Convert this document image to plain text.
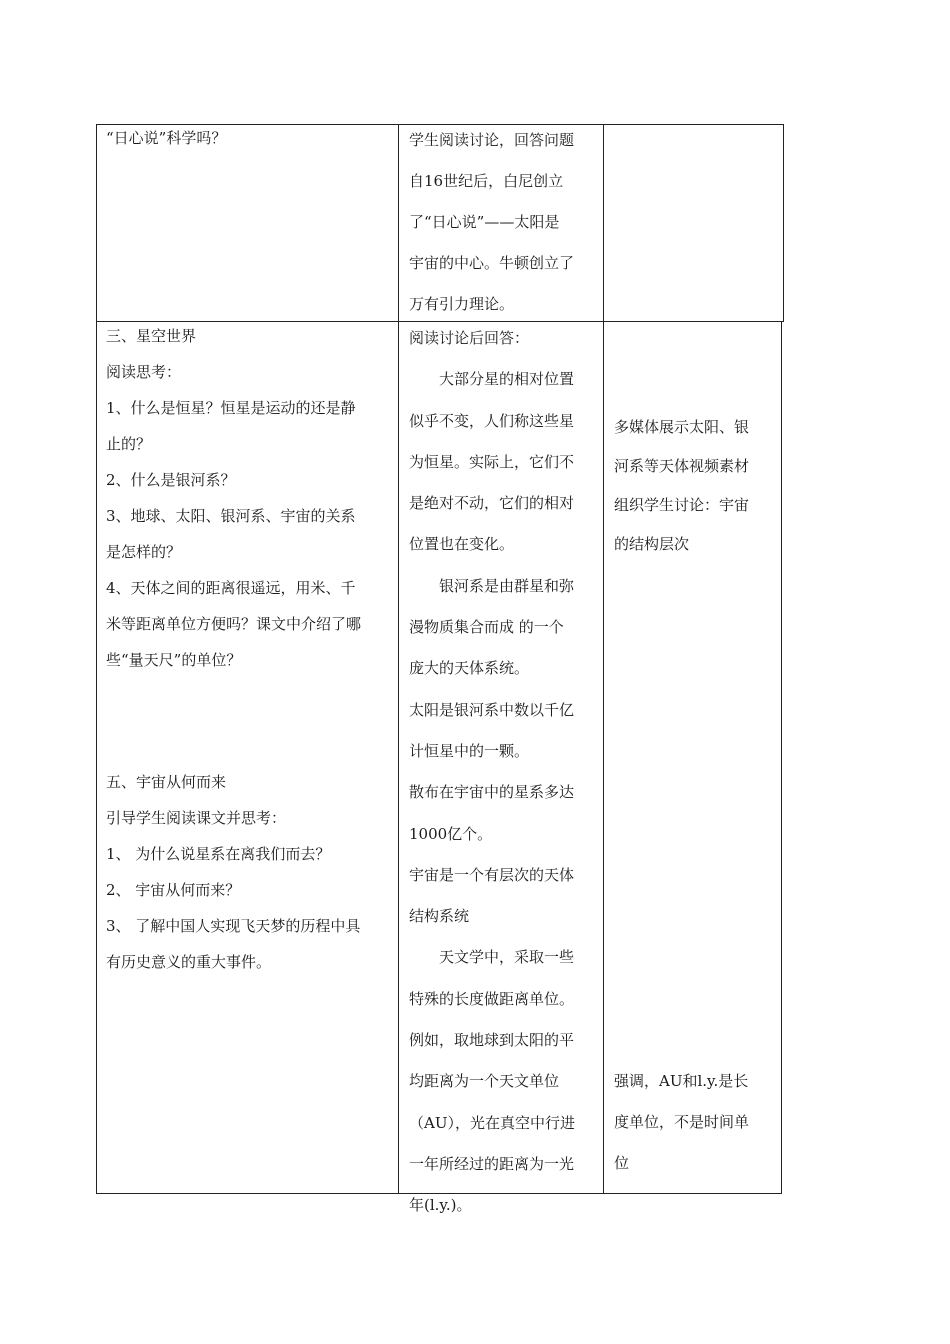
“日心说”科学吗？	学生阅读讨论，回答问题

自16世纪后，白尼创立

了“日心说”——太阳是

宇宙的中心。牛顿创立了

万有引力理论。

三、星空世界

阅读思考：

1、什么是恒星？恒星是运动的还是静

止的？

2、什么是银河系？

3、地球、太阳、银河系、宇宙的关系

是怎样的？

4、天体之间的距离很遥远，用米、千

米等距离单位方便吗？课文中介绍了哪

些“量天尺”的单位？

五、宇宙从何而来

引导学生阅读课文并思考：

1、 为什么说星系在离我们而去？

2、 宇宙从何而来？

3、 了解中国人实现飞天梦的历程中具

有历史意义的重大事件。

阅读讨论后回答：

大部分星的相对位置

似乎不变，人们称这些星

为恒星。实际上，它们不

是绝对不动，它们的相对

位置也在变化。

银河系是由群星和弥

漫物质集合而成 的一个

庞大的天体系统。

太阳是银河系中数以千亿

计恒星中的一颗。

散布在宇宙中的星系多达

1000亿个。

宇宙是一个有层次的天体

结构系统

天文学中，采取一些

特殊的长度做距离单位。

例如，取地球到太阳的平

均距离为一个天文单位

（AU），光在真空中行进

一年所经过的距离为一光

年(l.y.)。

多媒体展示太阳、银

河系等天体视频素材

组织学生讨论：宇宙

的结构层次

强调，AU和l.y.是长

度单位，不是时间单

位
